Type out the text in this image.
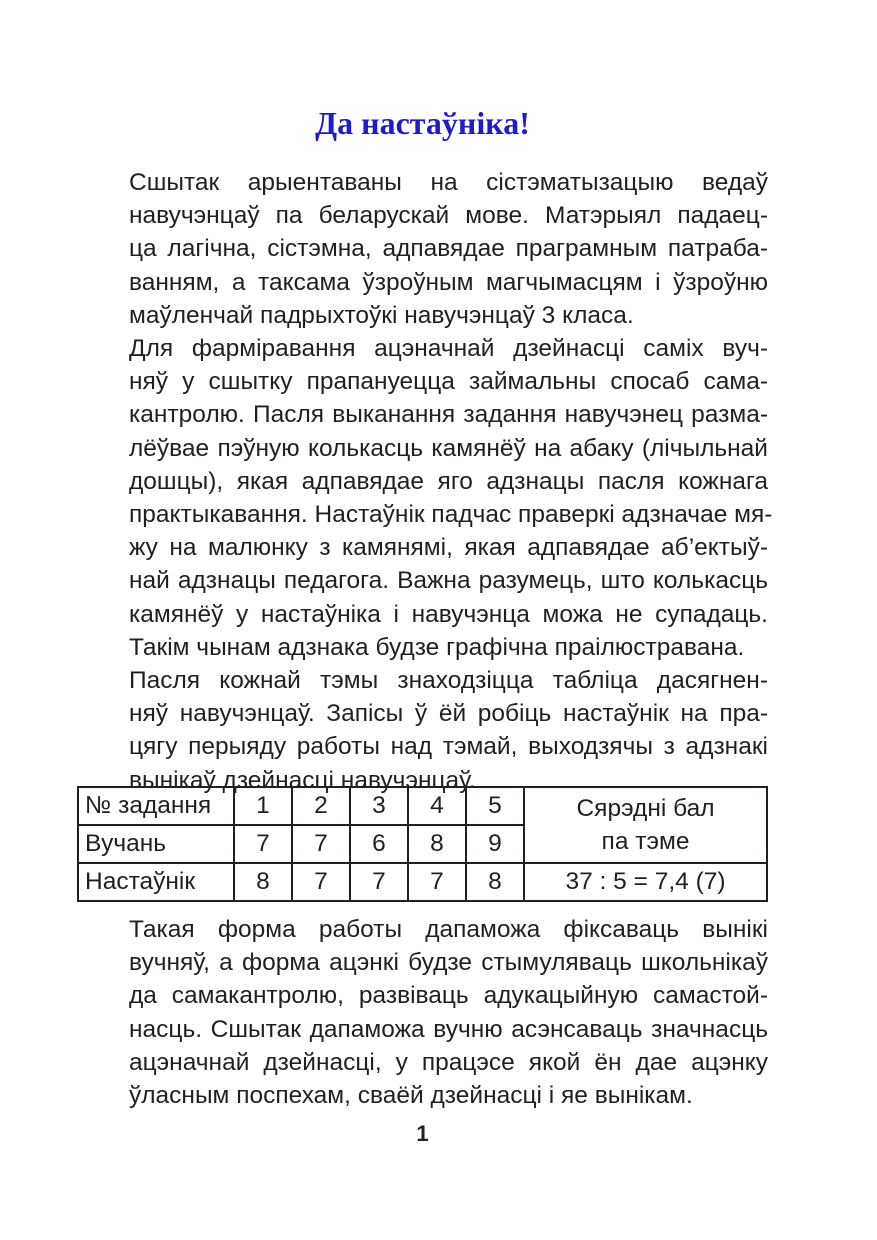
Да настаўніка!

Сшытак арыентаваны на сістэматызацыю ведаў
навучэнцаў па беларускай мове. Матэрыял падаец-
ца лагічна, сістэмна, адпавядае праграмным патраба-
ванням, а таксама ўзроўным магчымасцям і ўзроўню
маўленчай падрыхтоўкі навучэнцаў 3 класа.

Для фарміравання ацэначнай дзейнасці саміх вуч-
няў у сшытку прапануецца займальны спосаб сама-
кантролю. Пасля выканання задання навучэнец разма-
лёўвае пэўную колькасць камянёў на абаку (лічыльнай
дошцы), якая адпавядае яго адзнацы пасля кожнага
практыкавання. Настаўнік падчас праверкі адзначае мя-
жу на малюнку з камянямі, якая адпавядае аб’ектыў-
най адзнацы педагога. Важна разумець, што колькасць
камянёў у настаўніка і навучэнца можа не супадаць.
Такім чынам адзнака будзе графічна праілюстравана.

Пасля кожнай тэмы знаходзіцца табліца дасягнен-
няў навучэнцаў. Запісы ў ёй робіць настаўнік на пра-
цягу перыяду работы над тэмай, выходзячы з адзнакі
вынікаў дзейнасці навучэнцаў.

№ задання	1	2	3	4	5	Сярэдні бал
па тэме

Вучань	7	7	6	8	9	
Настаўнік	8	7	7	7	8	37 : 5 = 7,4 (7)

Такая форма работы дапаможа фіксаваць вынікі
вучняў, а форма ацэнкі будзе стымуляваць школьнікаў
да самакантролю, развіваць адукацыйную самастой-
насць. Сшытак дапаможа вучню асэнсаваць значнасць
ацэначнай дзейнасці, у працэсе якой ён дае ацэнку
ўласным поспехам, сваёй дзейнасці і яе вынікам.

1
